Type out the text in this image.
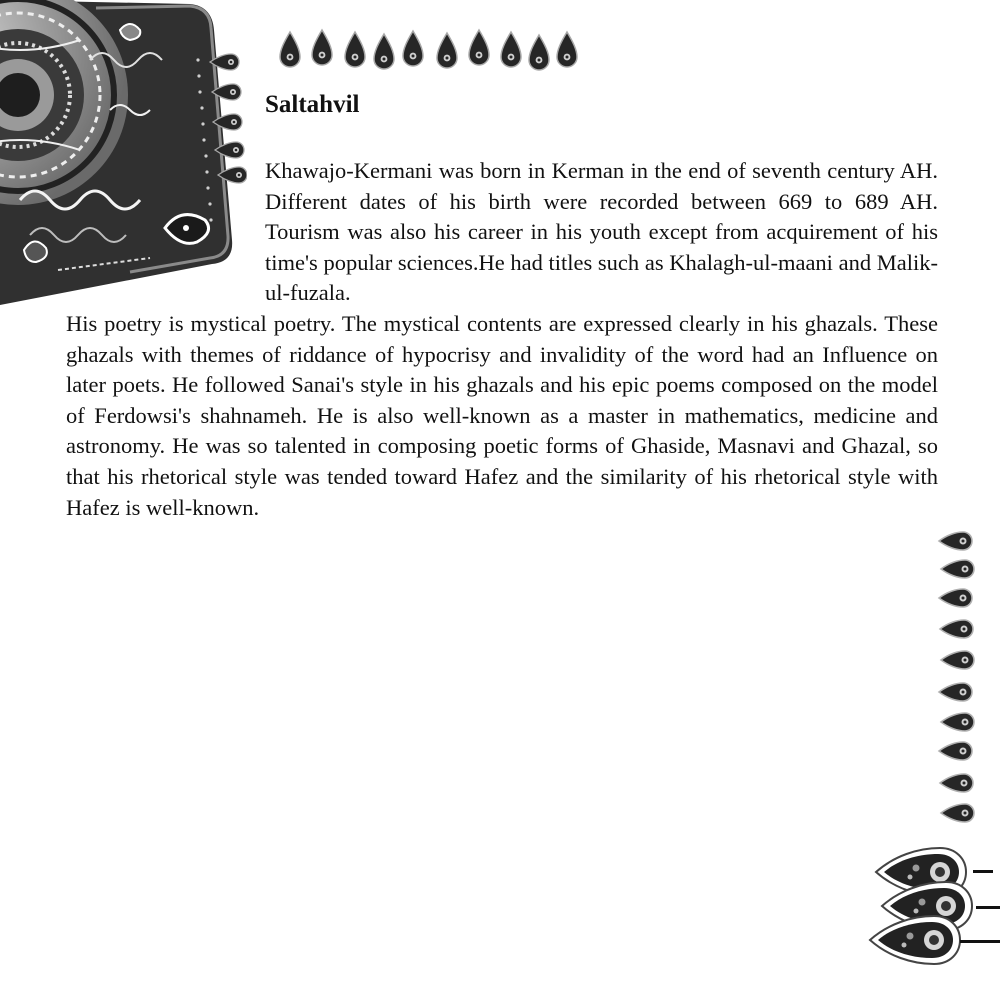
Saltahvil

Khawajo-Kermani was born in Kerman in the end of seventh century AH. Different dates of his birth were recorded between 669 to 689 AH. Tourism was also his career in his youth except from acquirement of his time's popular sciences.He had titles such as Khalagh-ul-maani and Malik-ul-fuzala.

His poetry is mystical poetry. The mystical contents are expressed clearly in his ghazals. These ghazals with themes of riddance of hypocrisy and invalidity of the word had an Influence on later poets. He followed Sanai's style in his ghazals and his epic poems composed on the model of Ferdowsi's shahnameh. He is also well-known as a master in mathematics, medicine and astronomy. He was so talented in composing poetic forms of Ghaside, Masnavi and Ghazal, so that his rhetorical style was tended toward Hafez and the similarity of his rhetorical style with Hafez is well-known.
